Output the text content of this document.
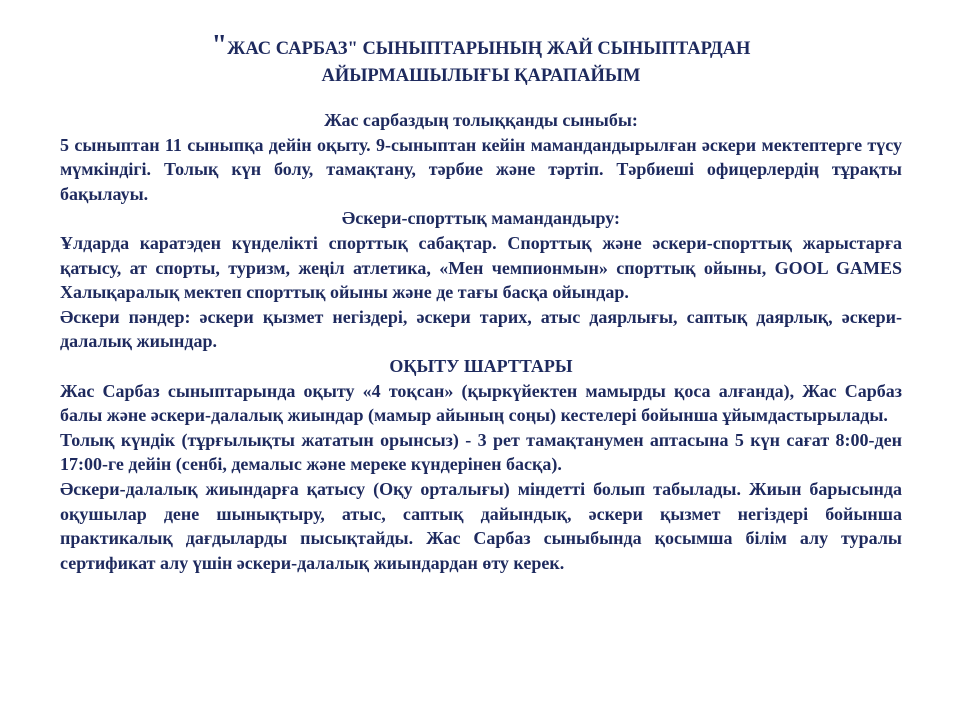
"ЖАС САРБАЗ" СЫНЫПТАРЫНЫҢ ЖАЙ СЫНЫПТАРДАН
АЙЫРМАШЫЛЫҒЫ ҚАРАПАЙЫМ

Жас сарбаздың толыққанды сыныбы:

5 сыныптан 11 сыныпқа дейін оқыту. 9-сыныптан кейін мамандандырылған әскери мектептерге түсу мүмкіндігі. Толық күн болу, тамақтану, тәрбие және тәртіп. Тәрбиеші офицерлердің тұрақты бақылауы.

Әскери-спорттық мамандандыру:

Ұлдарда каратэден күнделікті спорттық сабақтар. Спорттық және әскери-спорттық жарыстарға қатысу, ат спорты, туризм, жеңіл атлетика, «Мен чемпионмын» спорттық ойыны, GOOL GAMES Халықаралық мектеп спорттық ойыны және де тағы басқа ойындар.

Әскери пәндер: әскери қызмет негіздері, әскери тарих, атыс даярлығы, саптық даярлық, әскери-далалық жиындар.

ОҚЫТУ ШАРТТАРЫ

Жас Сарбаз сыныптарында оқыту «4 тоқсан» (қыркүйектен мамырды қоса алғанда), Жас Сарбаз балы және әскери-далалық жиындар (мамыр айының соңы) кестелері бойынша ұйымдастырылады.

Толық күндік (тұрғылықты жататын орынсыз) - 3 рет тамақтанумен аптасына 5 күн сағат 8:00-ден 17:00-ге дейін (сенбі, демалыс және мереке күндерінен басқа).

Әскери-далалық жиындарға қатысу (Оқу орталығы) міндетті болып табылады. Жиын барысында оқушылар дене шынықтыру, атыс, саптық дайындық, әскери қызмет негіздері бойынша практикалық дағдыларды пысықтайды. Жас Сарбаз сыныбында қосымша білім алу туралы сертификат алу үшін әскери-далалық жиындардан өту керек.
